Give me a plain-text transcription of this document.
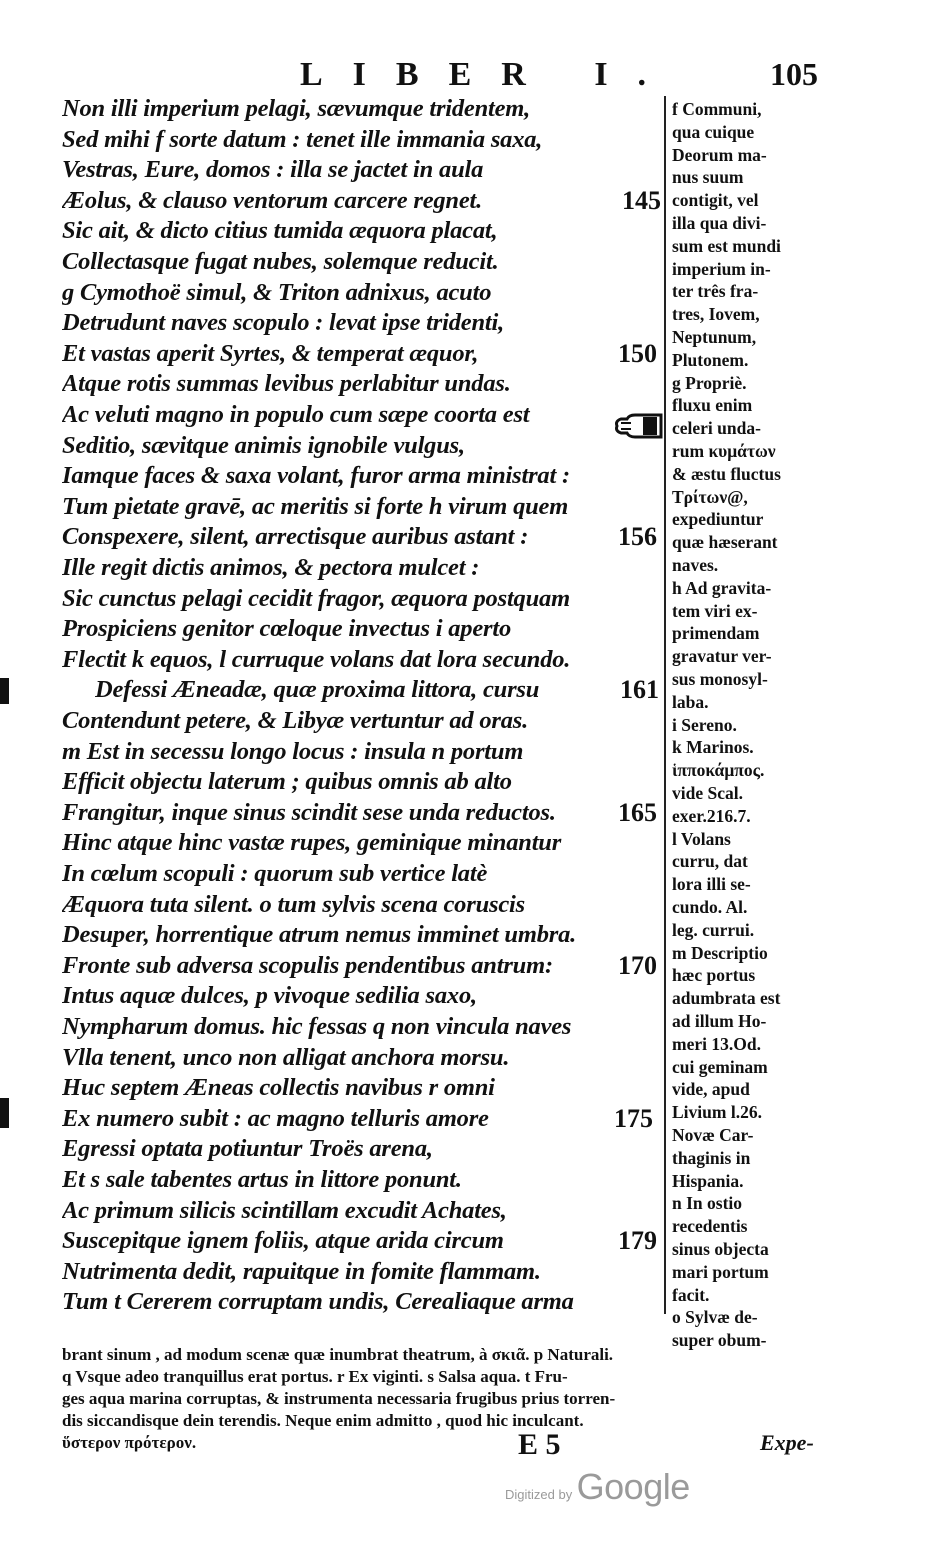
LIBER I.	105
Non illi imperium pelagi, sævumque tridentem,
Sed mihi f sorte datum : tenet ille immania saxa,
Vestras, Eure, domos : illa se jactet in aula
Æolus, & clauso ventorum carcere regnet.
Sic ait, & dicto citius tumida æquora placat,
Collectasque fugat nubes, solemque reducit.
g Cymothoë simul, & Triton adnixus, acuto
Detrudunt naves scopulo : levat ipse tridenti,
Et vastas aperit Syrtes, & temperat æquor,
Atque rotis summas levibus perlabitur undas.
Ac veluti magno in populo cum sæpe coorta est
Seditio, sævitque animis ignobile vulgus,
Iamque faces & saxa volant, furor arma ministrat :
Tum pietate gravē, ac meritis si forte h virum quem
Conspexere, silent, arrectisque auribus astant :
Ille regit dictis animos, & pectora mulcet :
Sic cunctus pelagi cecidit fragor, æquora postquam
Prospiciens genitor cœloque invectus i aperto
Flectit k equos, l curruque volans dat lora secundo.
Defessi Æneadæ, quæ proxima littora, cursu
Contendunt petere, & Libyæ vertuntur ad oras.
m Est in secessu longo locus : insula n portum
Efficit objectu laterum ; quibus omnis ab alto
Frangitur, inque sinus scindit sese unda reductos.
Hinc atque hinc vastæ rupes, geminique minantur
In cœlum scopuli : quorum sub vertice latè
Æquora tuta silent. o tum sylvis scena coruscis
Desuper, horrentique atrum nemus imminet umbra.
Fronte sub adversa scopulis pendentibus antrum:
Intus aquæ dulces, p vivoque sedilia saxo,
Nympharum domus. hic fessas q non vincula naves
Vlla tenent, unco non alligat anchora morsu.
Huc septem Æneas collectis navibus r omni
Ex numero subit : ac magno telluris amore
Egressi optata potiuntur Troës arena,
Et s sale tabentes artus in littore ponunt.
Ac primum silicis scintillam excudit Achates,
Suscepitque ignem foliis, atque arida circum
Nutrimenta dedit, rapuitque in fomite flammam.
Tum t Cererem corruptam undis, Cerealiaque arma
145
150
156
161
165
170
175
179
f Communi,
qua cuique
Deorum ma-
nus suum
contigit, vel
illa qua divi-
sum est mundi
imperium in-
ter três fra-
tres, Iovem,
Neptunum,
Plutonem.
g Propriè.
fluxu enim
celeri unda-
rum κυμάτων
& æstu fluctus
Τρίτων@,
expediuntur
quæ hæserant
naves.
h Ad gravita-
tem viri ex-
primendam
gravatur ver-
sus monosyl-
laba.
i Sereno.
k Marinos.
ἱπποκάμπος.
vide Scal.
exer.216.7.
l Volans
curru, dat
lora illi se-
cundo. Al.
leg. currui.
m Descriptio
hæc portus
adumbrata est
ad illum Ho-
meri 13.Od.
cui geminam
vide, apud
Livium l.26.
Novæ Car-
thaginis in
Hispania.
n In ostio
recedentis
sinus objecta
mari portum
facit.
o Sylvæ de-
super obum-
brant sinum , ad modum scenæ quæ inumbrat theatrum, à σκιᾶ. p Naturali.
q Vsque adeo tranquillus erat portus. r Ex viginti. s Salsa aqua. t Fru-
ges aqua marina corruptas, & instrumenta necessaria frugibus prius torren-
dis siccandisque dein terendis. Neque enim admitto , quod hic inculcant.
ὕστερον πρότερον.	E 5	Expe-
Digitized by Google
